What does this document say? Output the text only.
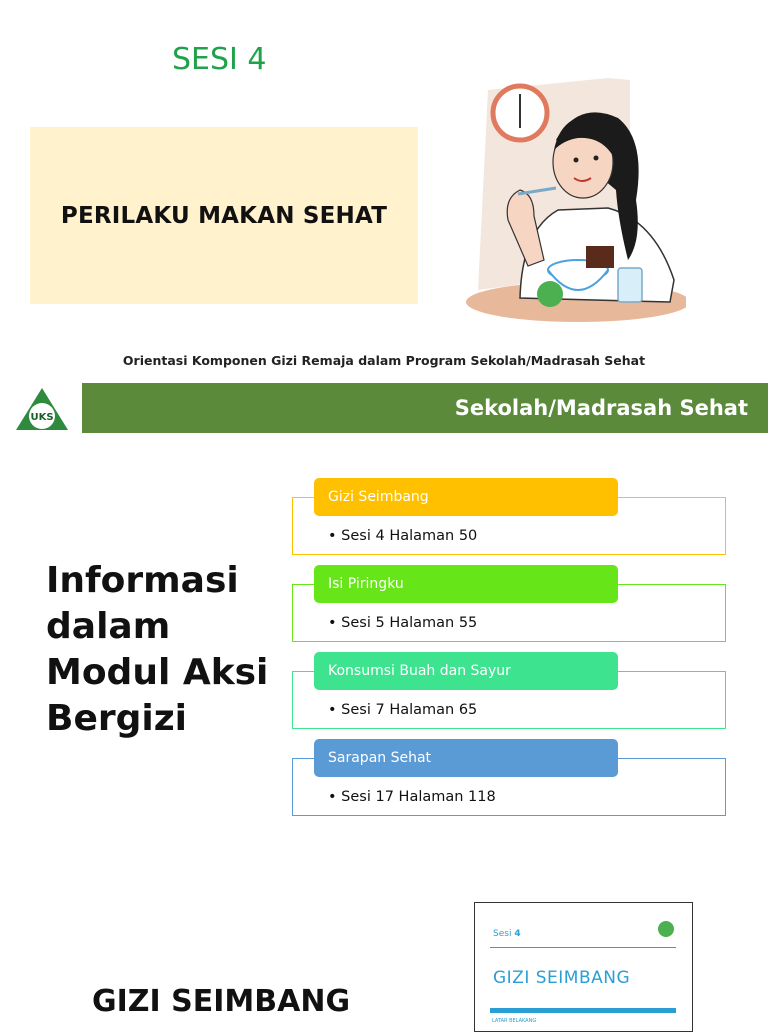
SESI 4
PERILAKU MAKAN SEHAT
Orientasi Komponen Gizi Remaja dalam Program Sekolah/Madrasah Sehat
UKS	Sekolah/Madrasah Sehat
Informasi dalam Modul Aksi Bergizi
Gizi Seimbang
• Sesi 4 Halaman 50
Isi Piringku
• Sesi 5 Halaman 55
Konsumsi Buah dan Sayur
• Sesi 7 Halaman 65
Sarapan Sehat
• Sesi 17 Halaman 118
GIZI SEIMBANG
Sesi 4
GIZI SEIMBANG
LATAR BELAKANG
